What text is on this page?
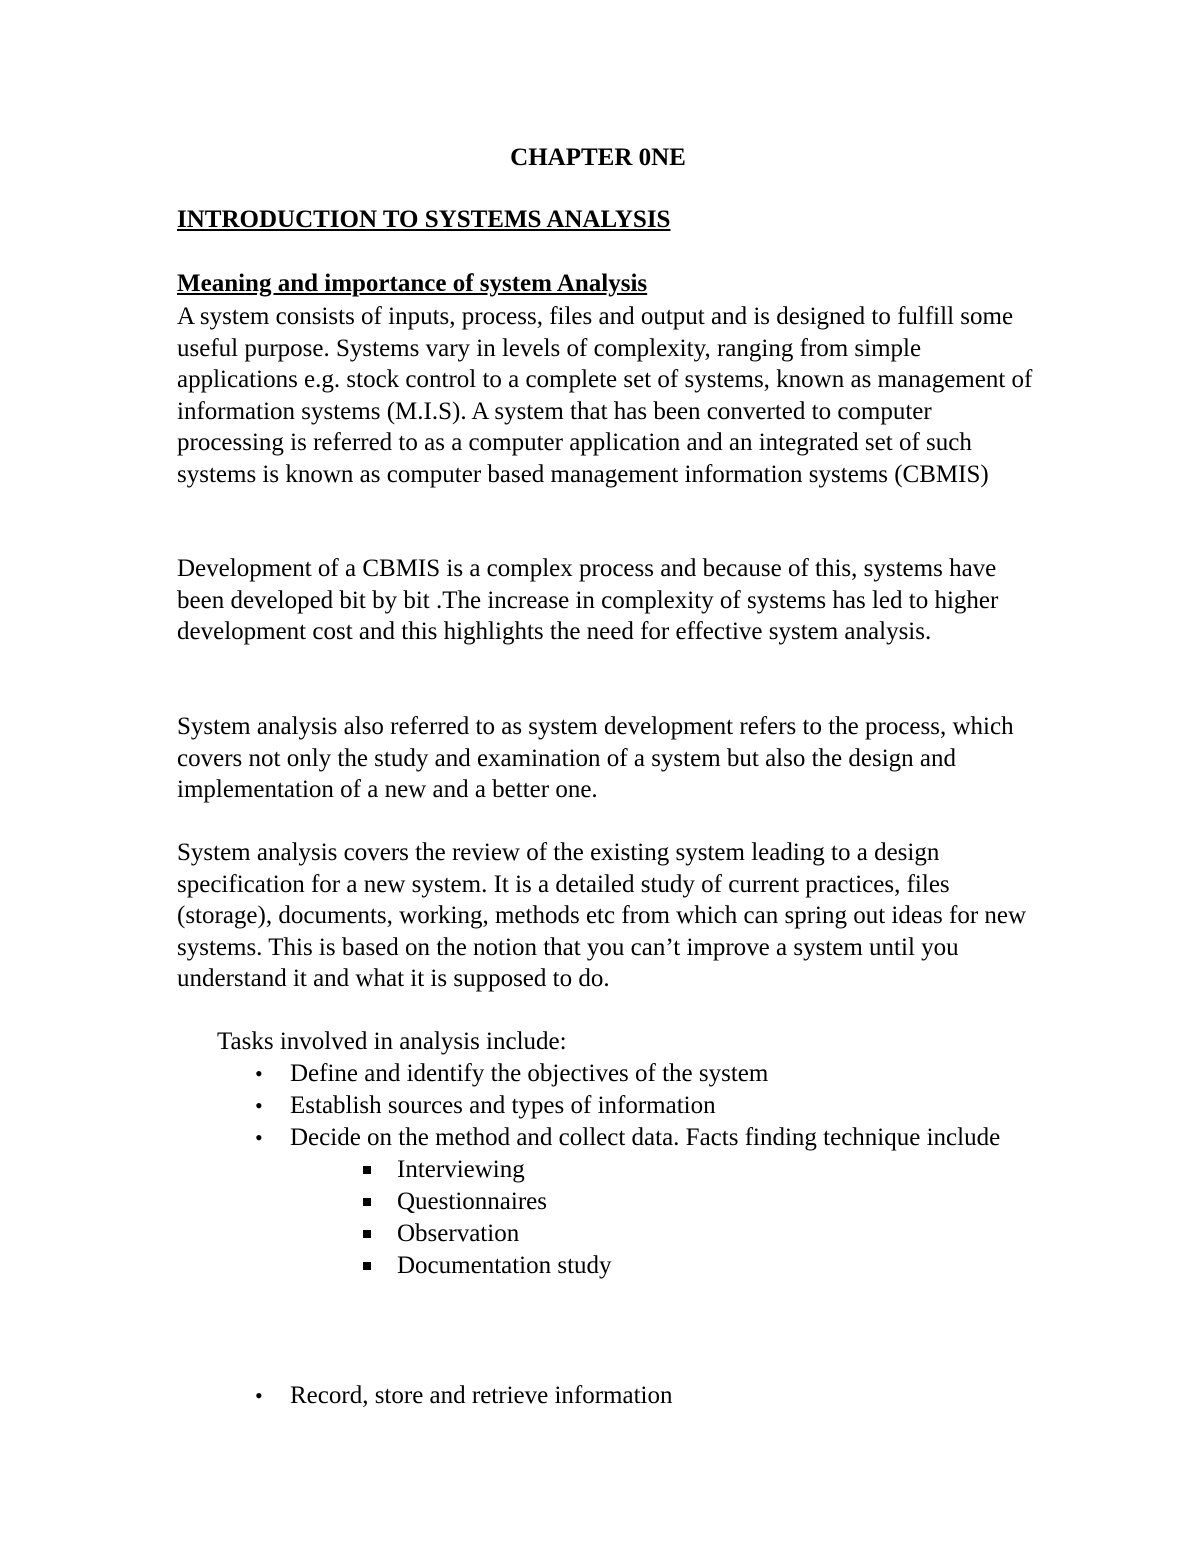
CHAPTER 0NE
INTRODUCTION TO SYSTEMS ANALYSIS
Meaning and importance of system Analysis

A system consists of inputs, process, files and output and is designed to fulfill some useful purpose. Systems vary in levels of complexity, ranging from simple applications e.g. stock control to a complete set of systems, known as management of information systems (M.I.S). A system that has been converted to computer processing is referred to as a computer application and an integrated set of such systems is known as computer based management information systems (CBMIS)

Development of a CBMIS is a complex process and because of this, systems have been developed bit by bit .The increase in complexity of systems has led to higher development cost and this highlights the need for effective system analysis.

System analysis also referred to as system development refers to the process, which covers not only the study and examination of a system but also the design and implementation of a new and a better one.

System analysis covers the review of the existing system leading to a design specification for a new system. It is a detailed study of current practices, files (storage), documents, working, methods etc from which can spring out ideas for new systems. This is based on the notion that you can’t improve a system until you understand it and what it is supposed to do.

Tasks involved in analysis include:

• Define and identify the objectives of the system
• Establish sources and types of information
• Decide on the method and collect data. Facts finding technique include
Interviewing
Questionnaires
Observation
Documentation study
• Record, store and retrieve information
